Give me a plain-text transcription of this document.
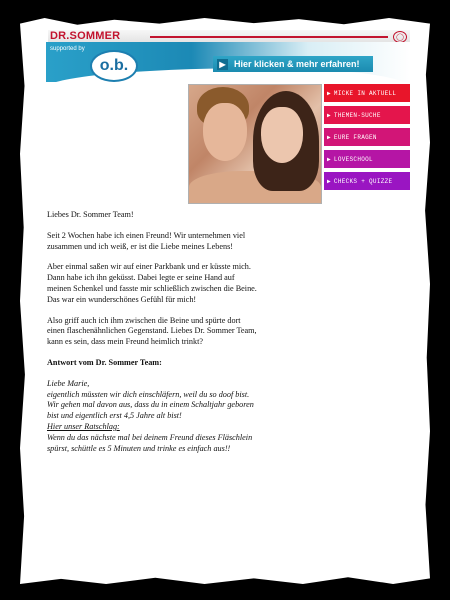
DR.SOMMER	◯
supported by
o.b.	▶ Hier klicken & mehr erfahren!
▶ MICKE IN AKTUELL
▶ THEMEN-SUCHE
▶ EURE FRAGEN
▶ LOVESCHOOL
▶ CHECKS + QUIZZE

Liebes Dr. Sommer Team!

Seit 2 Wochen habe ich einen Freund! Wir unternehmen viel zusammen und ich weiß, er ist die Liebe meines Lebens!

Aber einmal saßen wir auf einer Parkbank und er küsste mich. Dann habe ich ihn geküsst. Dabei legte er seine Hand auf meinen Schenkel und fasste mir schließlich zwischen die Beine. Das war ein wunderschönes Gefühl für mich!

Also griff auch ich ihm zwischen die Beine und spürte dort einen flaschenähnlichen Gegenstand. Liebes Dr. Sommer Team, kann es sein, dass mein Freund heimlich trinkt?

Antwort vom Dr. Sommer Team:
Liebe Marie,
eigentlich müssten wir dich einschläfern, weil du so doof bist. Wir gehen mal davon aus, dass du in einem Schaltjahr geboren bist und eigentlich erst 4,5 Jahre alt bist!
Hier unser Ratschlag:
Wenn du das nächste mal bei deinem Freund dieses Fläschlein spürst, schüttle es 5 Minuten und trinke es einfach aus!!
